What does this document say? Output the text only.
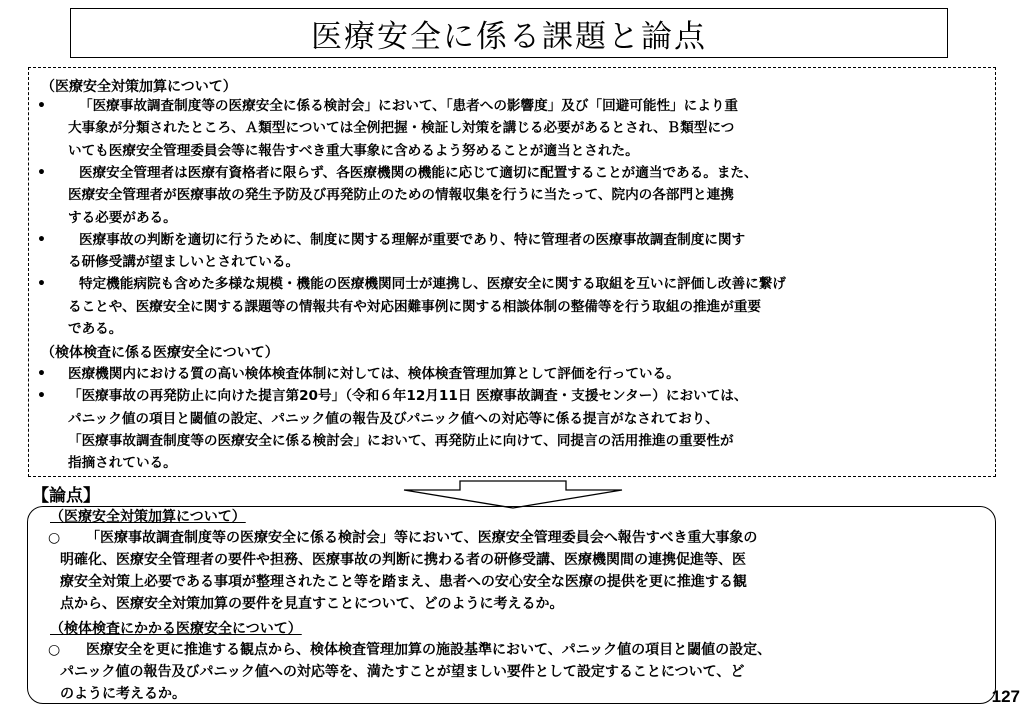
医療安全に係る課題と論点
（医療安全対策加算について）
• 「医療事故調査制度等の医療安全に係る検討会」において、「患者への影響度」及び「回避可能性」により重
大事象が分類されたところ、Ａ類型については全例把握・検証し対策を講じる必要があるとされ、Ｂ類型につ
いても医療安全管理委員会等に報告すべき重大事象に含めるよう努めることが適当とされた。
• 医療安全管理者は医療有資格者に限らず、各医療機関の機能に応じて適切に配置することが適当である。また、
医療安全管理者が医療事故の発生予防及び再発防止のための情報収集を行うに当たって、院内の各部門と連携
する必要がある。
• 医療事故の判断を適切に行うために、制度に関する理解が重要であり、特に管理者の医療事故調査制度に関す
る研修受講が望ましいとされている。
• 特定機能病院も含めた多様な規模・機能の医療機関同士が連携し、医療安全に関する取組を互いに評価し改善に繋げ
ることや、医療安全に関する課題等の情報共有や対応困難事例に関する相談体制の整備等を行う取組の推進が重要
である。
（検体検査に係る医療安全について）
• 医療機関内における質の高い検体検査体制に対しては、検体検査管理加算として評価を行っている。
• 「医療事故の再発防止に向けた提言第20号」（令和６年12月11日 医療事故調査・支援センター）においては、
パニック値の項目と閾値の設定、パニック値の報告及びパニック値への対応等に係る提言がなされており、
「医療事故調査制度等の医療安全に係る検討会」において、再発防止に向けて、同提言の活用推進の重要性が
指摘されている。
【論点】
（医療安全対策加算について）
○ 「医療事故調査制度等の医療安全に係る検討会」等において、医療安全管理委員会へ報告すべき重大事象の
明確化、医療安全管理者の要件や担務、医療事故の判断に携わる者の研修受講、医療機関間の連携促進等、医
療安全対策上必要である事項が整理されたこと等を踏まえ、患者への安心安全な医療の提供を更に推進する観
点から、医療安全対策加算の要件を見直すことについて、どのように考えるか。
（検体検査にかかる医療安全について）
○ 医療安全を更に推進する観点から、検体検査管理加算の施設基準において、パニック値の項目と閾値の設定、
パニック値の報告及びパニック値への対応等を、満たすことが望ましい要件として設定することについて、ど
のように考えるか。	127
